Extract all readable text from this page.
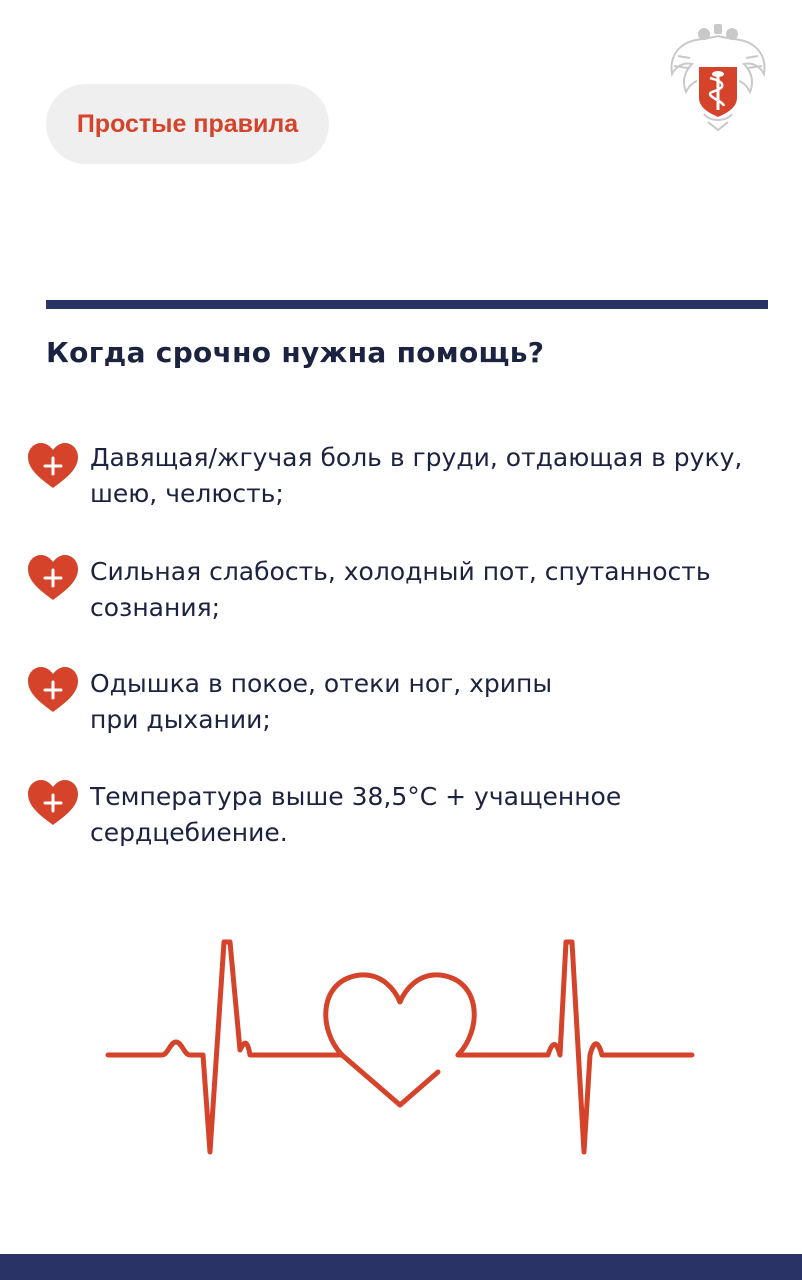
Простые правила
Когда срочно нужна помощь?
Давящая/жгучая боль в груди, отдающая в руку,
шею, челюсть;
Сильная слабость, холодный пот, спутанность
сознания;
Одышка в покое, отеки ног, хрипы
при дыхании;
Температура выше 38,5°С + учащенное
сердцебиение.
